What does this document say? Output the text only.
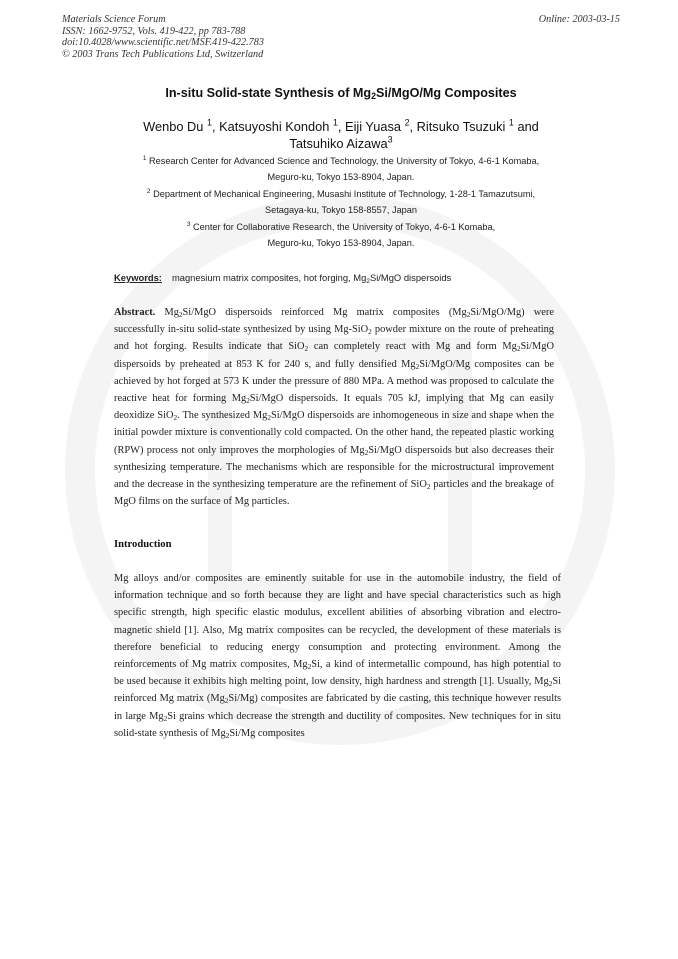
Materials Science Forum
ISSN: 1662-9752, Vols. 419-422, pp 783-788
doi:10.4028/www.scientific.net/MSF.419-422.783
© 2003 Trans Tech Publications Ltd, Switzerland
Online: 2003-03-15
In-situ Solid-state Synthesis of $Mg_2Si/MgO/Mg$ Composites
Wenbo Du $^1$, Katsuyoshi Kondoh $^1$, Eiji Yuasa $^2$, Ritsuko Tsuzuki $^1$ and
Tatsuhiko Aizawa$^3$
$^1$ Research Center for Advanced Science and Technology, the University of Tokyo, 4-6-1 Komaba,
Meguro-ku, Tokyo 153-8904, Japan.
$^2$ Department of Mechanical Engineering, Musashi Institute of Technology, 1-28-1 Tamazutsumi,
Setagaya-ku, Tokyo 158-8557, Japan
$^3$ Center for Collaborative Research, the University of Tokyo, 4-6-1 Komaba,
Meguro-ku, Tokyo 153-8904, Japan.
Keywords: magnesium matrix composites, hot forging, $Mg_2Si$/MgO dispersoids
Abstract. $Mg_2Si$/MgO dispersoids reinforced Mg matrix composites $(Mg_2Si/MgO/Mg)$ were successfully in-situ solid-state synthesized by using Mg-SiO$_2$ powder mixture on the route of preheating and hot forging. Results indicate that SiO$_2$ can completely react with Mg and form $Mg_2Si$/MgO dispersoids by preheated at 853 K for 240 s, and fully densified $Mg_2Si/MgO/Mg$ composites can be achieved by hot forged at 573 K under the pressure of 880 MPa. A method was proposed to calculate the reactive heat for forming $Mg_2Si$/MgO dispersoids. It equals 705 kJ, implying that Mg can easily deoxidize SiO$_2$. The synthesized $Mg_2Si$/MgO dispersoids are inhomogeneous in size and shape when the initial powder mixture is conventionally cold compacted. On the other hand, the repeated plastic working (RPW) process not only improves the morphologies of $Mg_2Si$/MgO dispersoids but also decreases their synthesizing temperature. The mechanisms which are responsible for the microstructural improvement and the decrease in the synthesizing temperature are the refinement of SiO$_2$ particles and the breakage of MgO films on the surface of Mg particles.
Introduction
Mg alloys and/or composites are eminently suitable for use in the automobile industry, the field of information technique and so forth because they are light and have special characteristics such as high specific strength, high specific elastic modulus, excellent abilities of absorbing vibration and electro-magnetic shield [1]. Also, Mg matrix composites can be recycled, the development of these materials is therefore beneficial to reducing energy consumption and protecting environment. Among the reinforcements of Mg matrix composites, $Mg_2Si$, a kind of intermetallic compound, has high potential to be used because it exhibits high melting point, low density, high hardness and strength [1]. Usually, $Mg_2Si$ reinforced Mg matrix $(Mg_2Si/Mg)$ composites are fabricated by die casting, this technique however results in large $Mg_2Si$ grains which decrease the strength and ductility of composites. New techniques for in situ solid-state synthesis of $Mg_2Si/Mg$ composites
